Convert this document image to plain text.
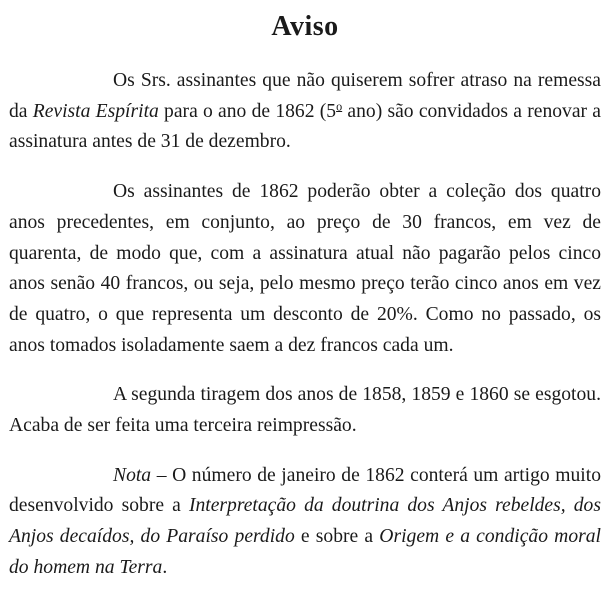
Aviso

Os Srs. assinantes que não quiserem sofrer atraso na remessa da Revista Espírita para o ano de 1862 (5$^o$ ano) são convidados a renovar a assinatura antes de 31 de dezembro.

Os assinantes de 1862 poderão obter a coleção dos quatro anos precedentes, em conjunto, ao preço de 30 francos, em vez de quarenta, de modo que, com a assinatura atual não pagarão pelos cinco anos senão 40 francos, ou seja, pelo mesmo preço terão cinco anos em vez de quatro, o que representa um desconto de 20%. Como no passado, os anos tomados isoladamente saem a dez francos cada um.

A segunda tiragem dos anos de 1858, 1859 e 1860 se esgotou. Acaba de ser feita uma terceira reimpressão.

Nota – O número de janeiro de 1862 conterá um artigo muito desenvolvido sobre a Interpretação da doutrina dos Anjos rebeldes, dos Anjos decaídos, do Paraíso perdido e sobre a Origem e a condição moral do homem na Terra.
